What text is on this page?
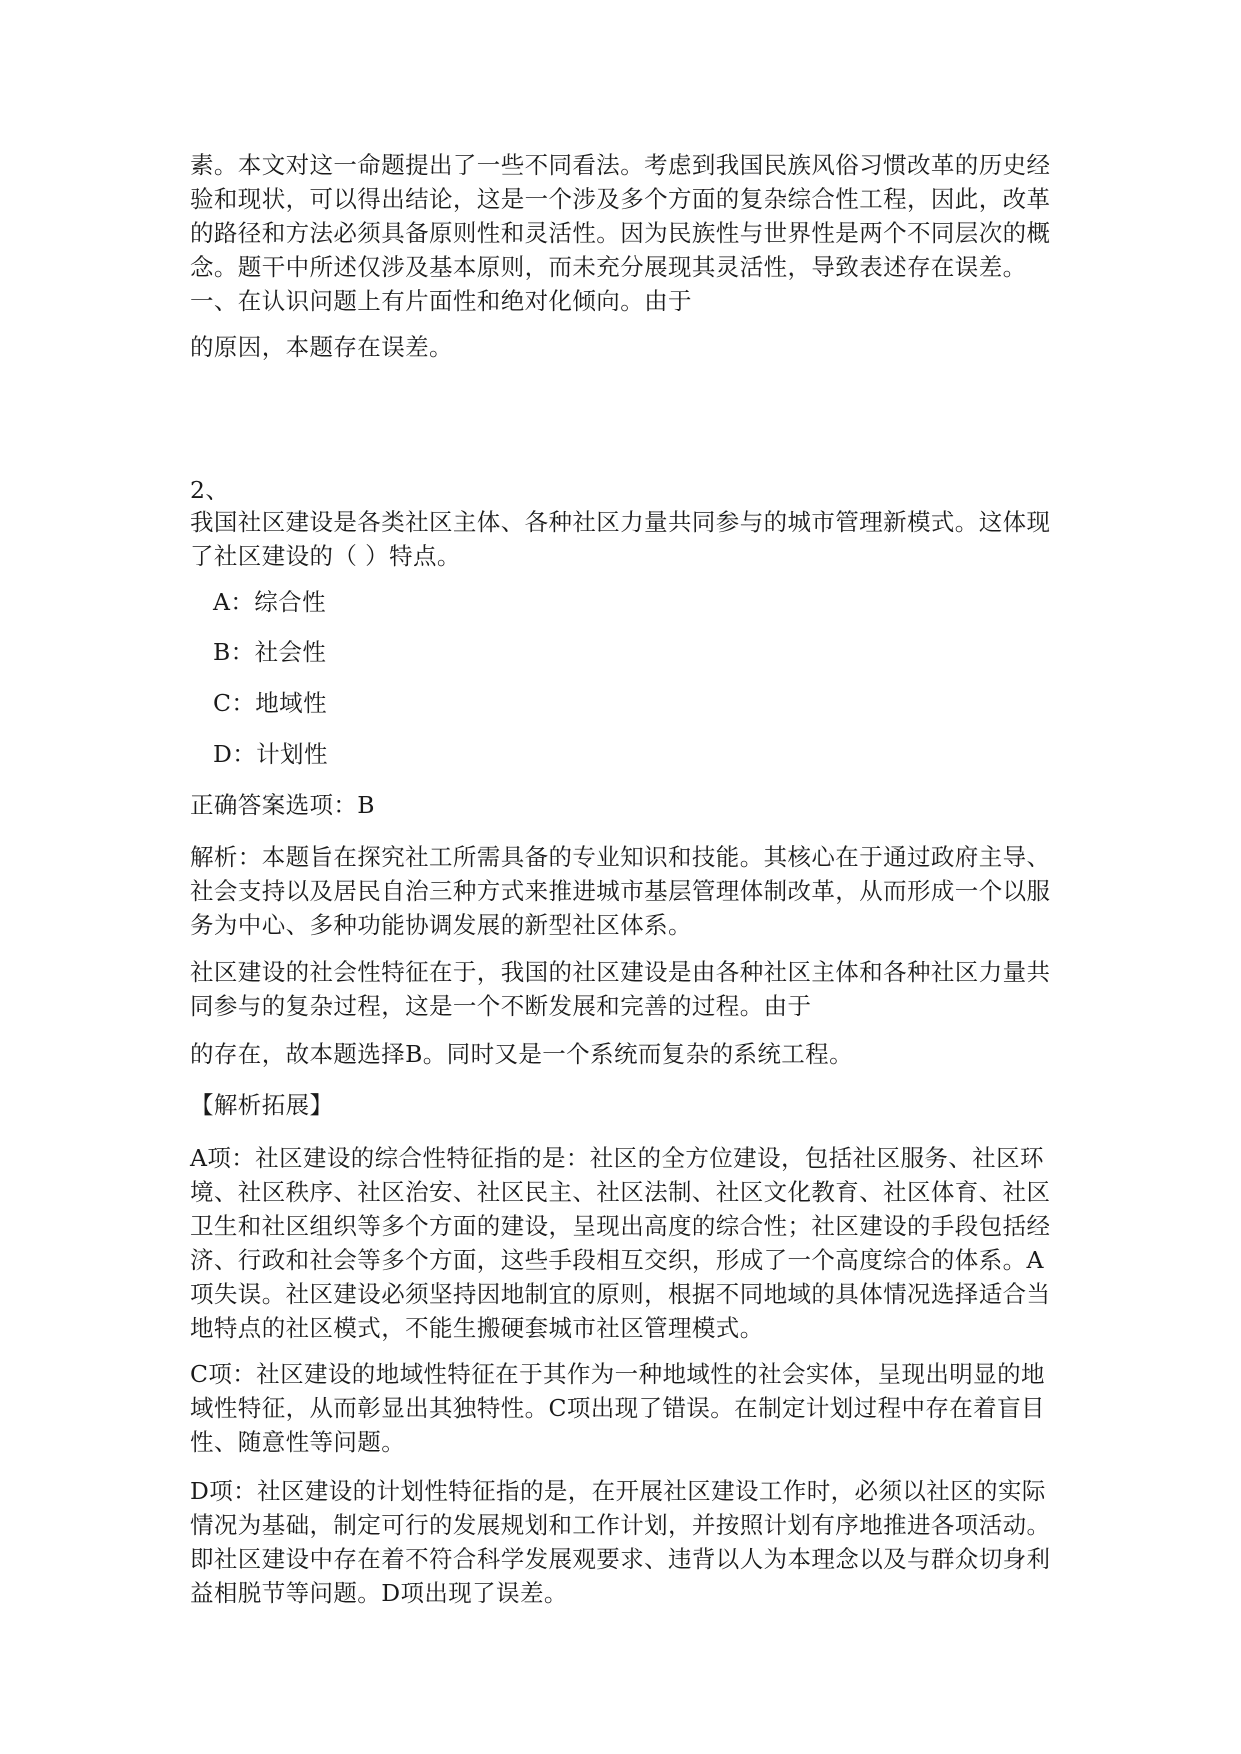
素。本文对这一命题提出了一些不同看法。考虑到我国民族风俗习惯改革的历史经验和现状，可以得出结论，这是一个涉及多个方面的复杂综合性工程，因此，改革的路径和方法必须具备原则性和灵活性。因为民族性与世界性是两个不同层次的概念。题干中所述仅涉及基本原则，而未充分展现其灵活性，导致表述存在误差。一、在认识问题上有片面性和绝对化倾向。由于

的原因，本题存在误差。

2、

我国社区建设是各类社区主体、各种社区力量共同参与的城市管理新模式。这体现了社区建设的（ ）特点。

A：综合性

B：社会性

C：地域性

D：计划性

正确答案选项：B

解析：本题旨在探究社工所需具备的专业知识和技能。其核心在于通过政府主导、社会支持以及居民自治三种方式来推进城市基层管理体制改革，从而形成一个以服务为中心、多种功能协调发展的新型社区体系。

社区建设的社会性特征在于，我国的社区建设是由各种社区主体和各种社区力量共同参与的复杂过程，这是一个不断发展和完善的过程。由于

的存在，故本题选择B。同时又是一个系统而复杂的系统工程。

【解析拓展】

A项：社区建设的综合性特征指的是：社区的全方位建设，包括社区服务、社区环境、社区秩序、社区治安、社区民主、社区法制、社区文化教育、社区体育、社区卫生和社区组织等多个方面的建设，呈现出高度的综合性；社区建设的手段包括经济、行政和社会等多个方面，这些手段相互交织，形成了一个高度综合的体系。A项失误。社区建设必须坚持因地制宜的原则，根据不同地域的具体情况选择适合当地特点的社区模式，不能生搬硬套城市社区管理模式。

C项：社区建设的地域性特征在于其作为一种地域性的社会实体，呈现出明显的地域性特征，从而彰显出其独特性。C项出现了错误。在制定计划过程中存在着盲目性、随意性等问题。

D项：社区建设的计划性特征指的是，在开展社区建设工作时，必须以社区的实际情况为基础，制定可行的发展规划和工作计划，并按照计划有序地推进各项活动。即社区建设中存在着不符合科学发展观要求、违背以人为本理念以及与群众切身利益相脱节等问题。D项出现了误差。
